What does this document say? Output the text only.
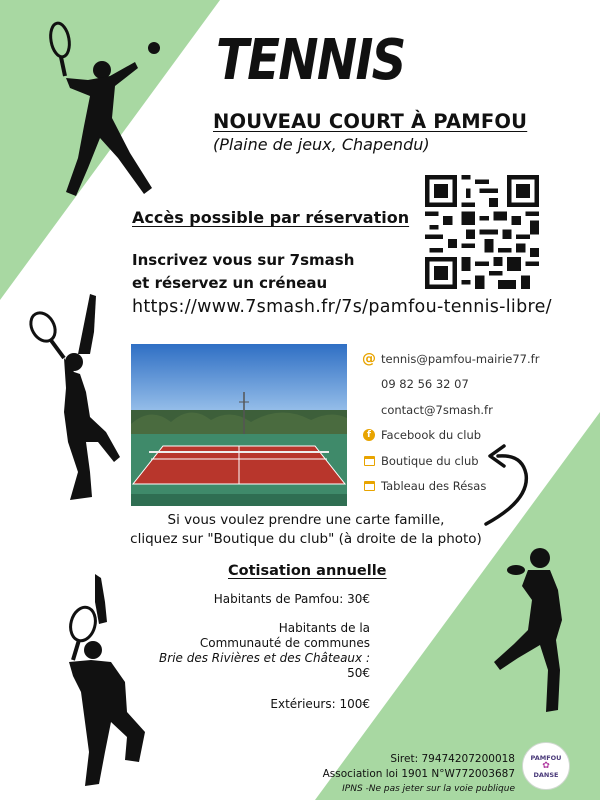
TENNIS
NOUVEAU COURT À PAMFOU
(Plaine de jeux, Chapendu)
Accès possible par réservation
Inscrivez vous sur 7smash
et réservez un créneau
https://www.7smash.fr/7s/pamfou-tennis-libre/
@ tennis@pamfou-mairie77.fr
09 82 56 32 07
contact@7smash.fr
f Facebook du club
Boutique du club
Tableau des Résas
Si vous voulez prendre une carte famille,
cliquez sur "Boutique du club" (à droite de la photo)
Cotisation annuelle
Habitants de Pamfou: 30€
Habitants de la
Communauté de communes
Brie des Rivières et des Châteaux :
50€
Extérieurs: 100€
Siret: 79474207200018
Association loi 1901 N°W772003687
IPNS -Ne pas jeter sur la voie publique
PAMFOU
✿
DANSE
